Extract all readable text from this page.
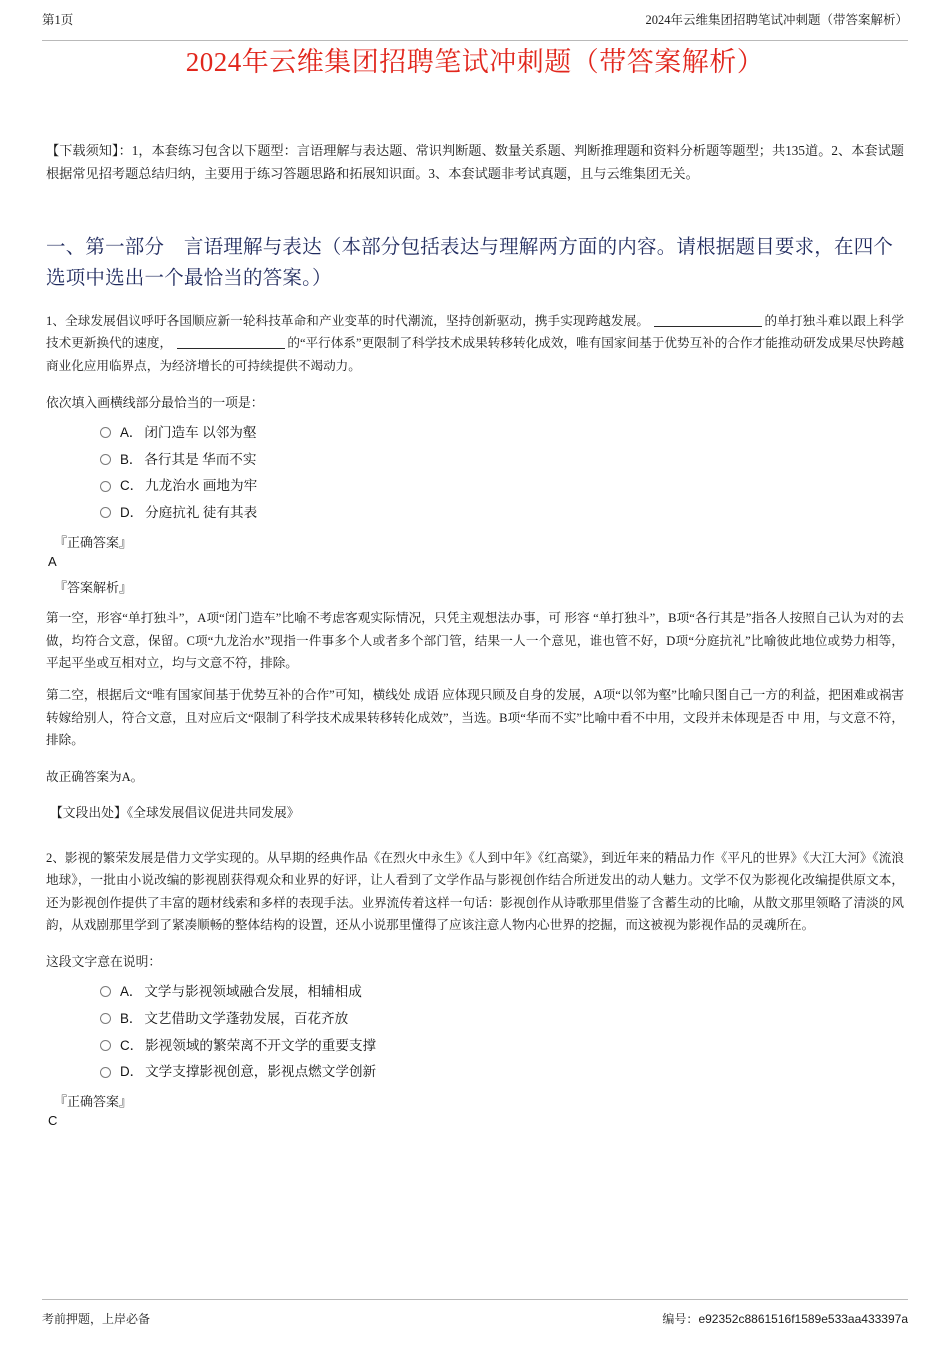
第1页	2024年云维集团招聘笔试冲刺题（带答案解析）
2024年云维集团招聘笔试冲刺题（带答案解析）

【下载须知】：1，本套练习包含以下题型：言语理解与表达题、常识判断题、数量关系题、判断推理题和资料分析题等题型；共135道。2、本套试题根据常见招考题总结归纳，主要用于练习答题思路和拓展知识面。3、本套试题非考试真题，且与云维集团无关。

一、第一部分　言语理解与表达（本部分包括表达与理解两方面的内容。请根据题目要求，在四个选项中选出一个最恰当的答案。）

1、全球发展倡议呼吁各国顺应新一轮科技革命和产业变革的时代潮流，坚持创新驱动，携手实现跨越发展。	的单打独斗难以跟上科学技术更新换代的速度，	的“平行体系”更限制了科学技术成果转移转化成效，唯有国家间基于优势互补的合作才能推动研发成果尽快跨越商业化应用临界点，为经济增长的可持续提供不竭动力。

依次填入画横线部分最恰当的一项是：

A． 闭门造车 以邻为壑
B． 各行其是 华而不实
C． 九龙治水 画地为牢
D． 分庭抗礼 徒有其表

『正确答案』

A

『答案解析』

第一空，形容“单打独斗”，A项“闭门造车”比喻不考虑客观实际情况，只凭主观想法办事，可 形容 “单打独斗”，B项“各行其是”指各人按照自己认为对的去做，均符合文意，保留。C项“九龙治水”现指一件事多个人或者多个部门管，结果一人一个意见，谁也管不好，D项“分庭抗礼”比喻彼此地位或势力相等，平起平坐或互相对立，均与文意不符，排除。

第二空，根据后文“唯有国家间基于优势互补的合作”可知，横线处 成语 应体现只顾及自身的发展，A项“以邻为壑”比喻只图自己一方的利益，把困难或祸害转嫁给别人，符合文意，且对应后文“限制了科学技术成果转移转化成效”，当选。B项“华而不实”比喻中看不中用，文段并未体现是否 中 用，与文意不符，排除。

故正确答案为A。

【文段出处】《全球发展倡议促进共同发展》

2、影视的繁荣发展是借力文学实现的。从早期的经典作品《在烈火中永生》《人到中年》《红高粱》，到近年来的精品力作《平凡的世界》《大江大河》《流浪地球》，一批由小说改编的影视剧获得观众和业界的好评，让人看到了文学作品与影视创作结合所迸发出的动人魅力。文学不仅为影视化改编提供原文本，还为影视创作提供了丰富的题材线索和多样的表现手法。业界流传着这样一句话：影视创作从诗歌那里借鉴了含蓄生动的比喻，从散文那里领略了清淡的风韵，从戏剧那里学到了紧凑顺畅的整体结构的设置，还从小说那里懂得了应该注意人物内心世界的挖掘，而这被视为影视作品的灵魂所在。

这段文字意在说明：

A． 文学与影视领域融合发展，相辅相成
B． 文艺借助文学蓬勃发展，百花齐放
C． 影视领域的繁荣离不开文学的重要支撑
D． 文学支撑影视创意，影视点燃文学创新

『正确答案』

C

考前押题，上岸必备	编号：e92352c8861516f1589e533aa433397a
